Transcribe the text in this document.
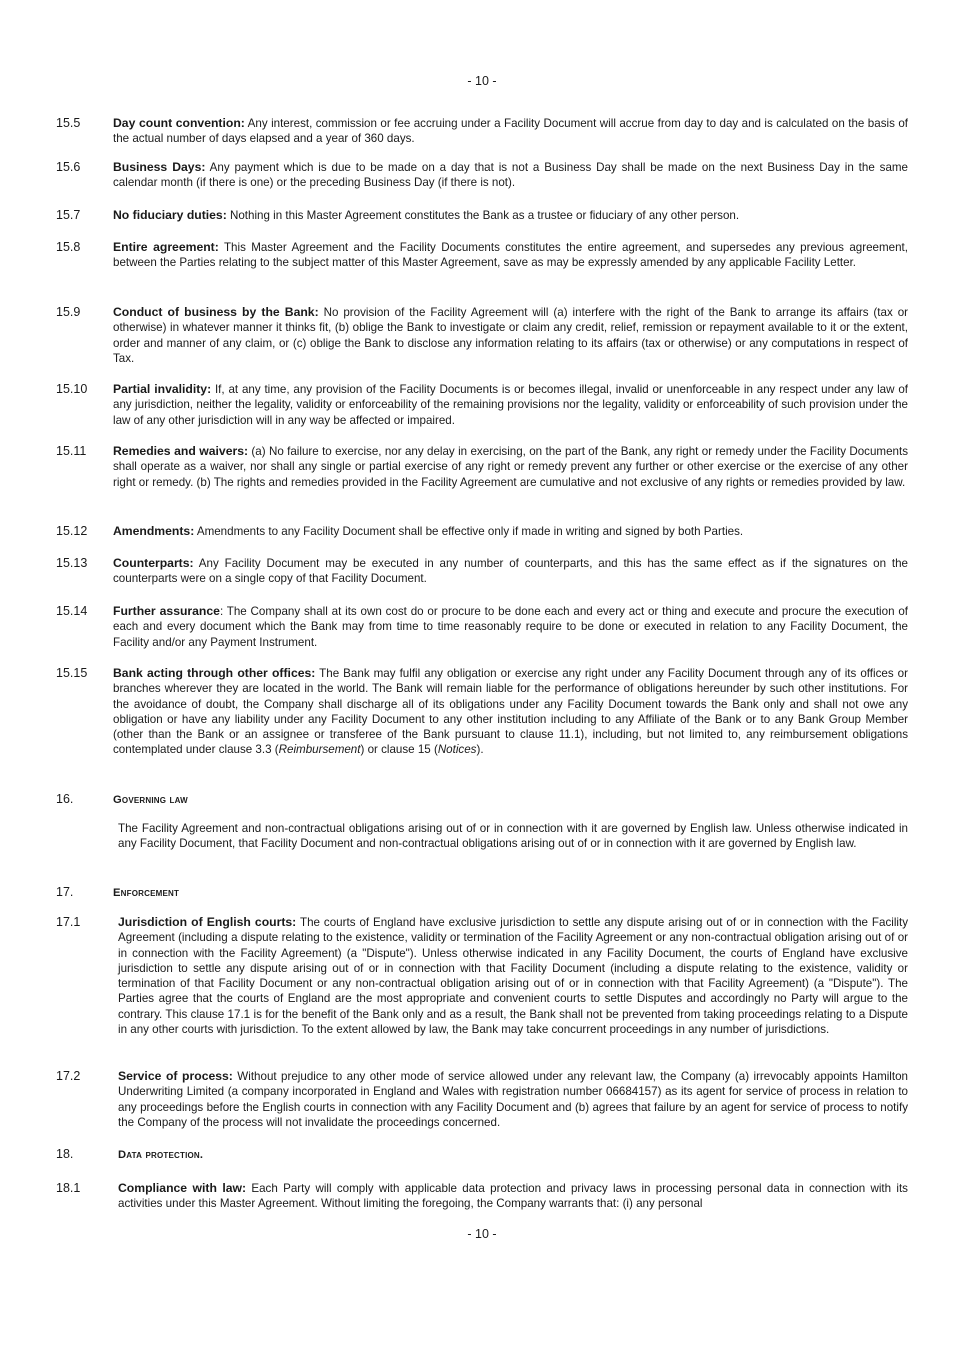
- 10 -
15.5	Day count convention: Any interest, commission or fee accruing under a Facility Document will accrue from day to day and is calculated on the basis of the actual number of days elapsed and a year of 360 days.
15.6	Business Days: Any payment which is due to be made on a day that is not a Business Day shall be made on the next Business Day in the same calendar month (if there is one) or the preceding Business Day (if there is not).
15.7	No fiduciary duties: Nothing in this Master Agreement constitutes the Bank as a trustee or fiduciary of any other person.
15.8	Entire agreement: This Master Agreement and the Facility Documents constitutes the entire agreement, and supersedes any previous agreement, between the Parties relating to the subject matter of this Master Agreement, save as may be expressly amended by any applicable Facility Letter.
15.9	Conduct of business by the Bank: No provision of the Facility Agreement will (a) interfere with the right of the Bank to arrange its affairs (tax or otherwise) in whatever manner it thinks fit, (b) oblige the Bank to investigate or claim any credit, relief, remission or repayment available to it or the extent, order and manner of any claim, or (c) oblige the Bank to disclose any information relating to its affairs (tax or otherwise) or any computations in respect of Tax.
15.10 Partial invalidity: If, at any time, any provision of the Facility Documents is or becomes illegal, invalid or unenforceable in any respect under any law of any jurisdiction, neither the legality, validity or enforceability of the remaining provisions nor the legality, validity or enforceability of such provision under the law of any other jurisdiction will in any way be affected or impaired.
15.11 Remedies and waivers: (a) No failure to exercise, nor any delay in exercising, on the part of the Bank, any right or remedy under the Facility Documents shall operate as a waiver, nor shall any single or partial exercise of any right or remedy prevent any further or other exercise or the exercise of any other right or remedy. (b) The rights and remedies provided in the Facility Agreement are cumulative and not exclusive of any rights or remedies provided by law.
15.12 Amendments: Amendments to any Facility Document shall be effective only if made in writing and signed by both Parties.
15.13 Counterparts: Any Facility Document may be executed in any number of counterparts, and this has the same effect as if the signatures on the counterparts were on a single copy of that Facility Document.
15.14 Further assurance: The Company shall at its own cost do or procure to be done each and every act or thing and execute and procure the execution of each and every document which the Bank may from time to time reasonably require to be done or executed in relation to any Facility Document, the Facility and/or any Payment Instrument.
15.15 Bank acting through other offices: The Bank may fulfil any obligation or exercise any right under any Facility Document through any of its offices or branches wherever they are located in the world. The Bank will remain liable for the performance of obligations hereunder by such other institutions. For the avoidance of doubt, the Company shall discharge all of its obligations under any Facility Document towards the Bank only and shall not owe any obligation or have any liability under any Facility Document to any other institution including to any Affiliate of the Bank or to any Bank Group Member (other than the Bank or an assignee or transferee of the Bank pursuant to clause 11.1), including, but not limited to, any reimbursement obligations contemplated under clause 3.3 (Reimbursement) or clause 15 (Notices).
16.	Governing law
The Facility Agreement and non-contractual obligations arising out of or in connection with it are governed by English law. Unless otherwise indicated in any Facility Document, that Facility Document and non-contractual obligations arising out of or in connection with it are governed by English law.
17.	Enforcement
17.1	Jurisdiction of English courts: The courts of England have exclusive jurisdiction to settle any dispute arising out of or in connection with the Facility Agreement (including a dispute relating to the existence, validity or termination of the Facility Agreement or any non-contractual obligation arising out of or in connection with the Facility Agreement) (a "Dispute"). Unless otherwise indicated in any Facility Document, the courts of England have exclusive jurisdiction to settle any dispute arising out of or in connection with that Facility Document (including a dispute relating to the existence, validity or termination of that Facility Document or any non-contractual obligation arising out of or in connection with that Facility Agreement) (a "Dispute"). The Parties agree that the courts of England are the most appropriate and convenient courts to settle Disputes and accordingly no Party will argue to the contrary. This clause 17.1 is for the benefit of the Bank only and as a result, the Bank shall not be prevented from taking proceedings relating to a Dispute in any other courts with jurisdiction. To the extent allowed by law, the Bank may take concurrent proceedings in any number of jurisdictions.
17.2	Service of process: Without prejudice to any other mode of service allowed under any relevant law, the Company (a) irrevocably appoints Hamilton Underwriting Limited (a company incorporated in England and Wales with registration number 06684157) as its agent for service of process in relation to any proceedings before the English courts in connection with any Facility Document and (b) agrees that failure by an agent for service of process to notify the Company of the process will not invalidate the proceedings concerned.
18.	Data protection.
18.1	Compliance with law: Each Party will comply with applicable data protection and privacy laws in processing personal data in connection with its activities under this Master Agreement. Without limiting the foregoing, the Company warrants that: (i) any personal
- 10 -
